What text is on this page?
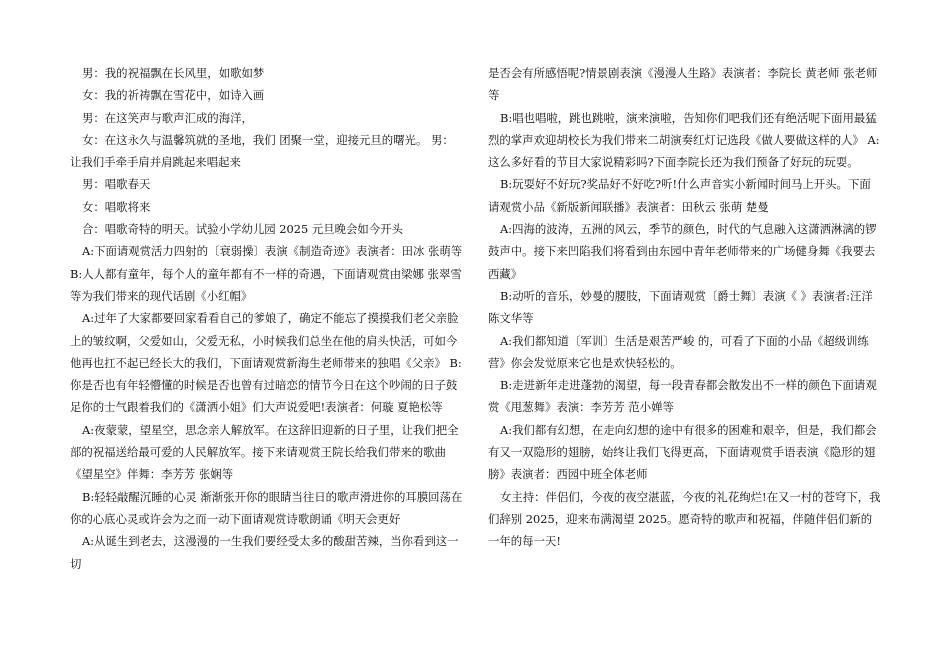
男：我的祝福飘在长风里，如歌如梦

女：我的祈祷飘在雪花中，如诗入画

男：在这笑声与歌声汇成的海洋，

女：在这永久与温馨筑就的圣地，我们 团聚一堂，迎接元旦的曙光。 男：让我们手牵手肩并肩跳起来唱起来

男：唱歌春天

女：唱歌将来

合：唱歌奇特的明天。试验小学幼儿园 2025 元旦晚会如今开头

A:下面请观赏活力四射的〔衰弱操〕表演《制造奇迹》表演者：田冰 张萌等

B:人人都有童年，每个人的童年都有不一样的奇遇，下面请观赏由梁娜 张翠雪等为我们带来的现代话剧《小红帽》

A:过年了大家都要回家看看自己的爹娘了，确定不能忘了摸摸我们老父亲脸上的皱纹啊，父爱如山，父爱无私，小时候我们总坐在他的肩头快活，可如今他再也扛不起已经长大的我们，下面请观赏新海生老师带来的独唱《父亲》 B:你是否也有年轻懵懂的时候是否也曾有过暗恋的情节今日在这个吵闹的日子鼓足你的士气跟着我们的《潇洒小姐》们大声说爱吧!表演者：何璇 夏艳松等

A:夜蒙蒙，望星空，思念亲人解放军。在这辞旧迎新的日子里，让我们把全部的祝福送给最可爱的人民解放军。接下来请观赏王院长给我们带来的歌曲《望星空》伴舞：李芳芳 张娴等

B:轻轻敲醒沉睡的心灵 渐渐张开你的眼睛当往日的歌声滑进你的耳膜回荡在你的心底心灵或许会为之而一动下面请观赏诗歌朗诵《明天会更好

A:从诞生到老去，这漫漫的一生我们要经受太多的酸甜苦辣，当你看到这一切

是否会有所感悟呢?情景剧表演《漫漫人生路》表演者：李院长 黄老师 张老师等

B:唱也唱啦，跳也跳啦，演来演啦，告知你们吧我们还有绝活呢下面用最猛烈的掌声欢迎胡校长为我们带来二胡演奏红灯记选段《做人要做这样的人》 A:这么多好看的节目大家说精彩吗?下面李院长还为我们预备了好玩的玩耍。

B:玩耍好不好玩?奖品好不好吃?听!什么声音实小新闻时间马上开头。下面请观赏小品《新版新闻联播》表演者：田秋云 张萌 楚曼

A:四海的波涛，五洲的风云，季节的颜色，时代的气息融入这潇洒淋漓的锣鼓声中。接下来凹陷我们将看到由东园中青年老师带来的广场健身舞《我要去西藏》

B:动听的音乐，妙曼的腰肢，下面请观赏〔爵士舞〕表演《 》表演者:汪洋 陈文华等

A:我们都知道〔军训〕生活是艰苦严峻 的，可看了下面的小品《超级训练营》你会发觉原来它也是欢快轻松的。

B:走进新年走进蓬勃的渴望，每一段青春都会散发出不一样的颜色下面请观赏《甩葱舞》表演：李芳芳 范小婵等

A:我们都有幻想，在走向幻想的途中有很多的困难和艰辛，但是，我们都会有又一双隐形的翅膀，始终让我们飞得更高，下面请观赏手语表演《隐形的翅膀》表演者：西园中班全体老师

女主持：伴侣们，今夜的夜空湛蓝，今夜的礼花绚烂!在又一村的苍穹下，我们辞别 2025，迎来布满渴望 2025。愿奇特的歌声和祝福，伴随伴侣们新的一年的每一天!
